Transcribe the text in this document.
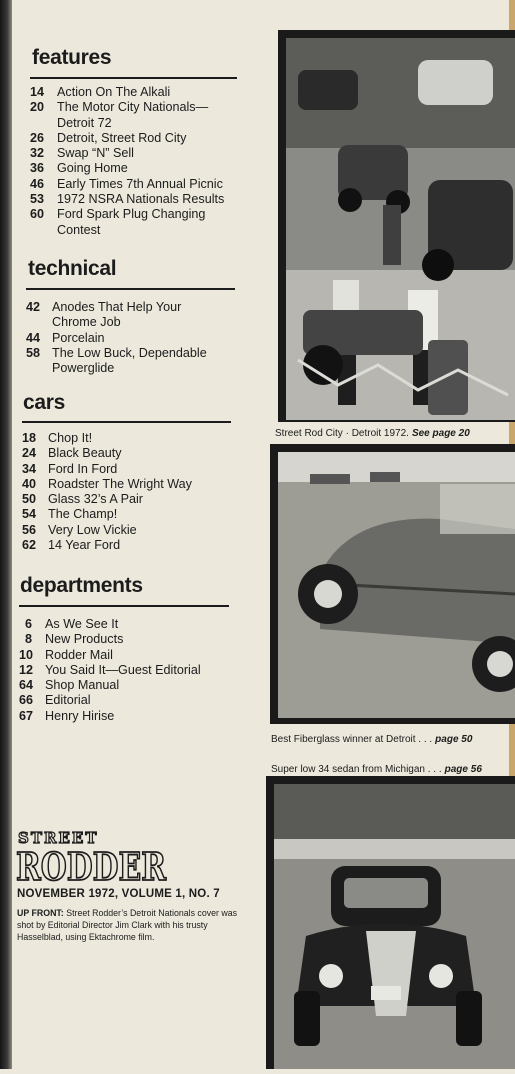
features
14	Action On The Alkali
20	The Motor City Nationals— Detroit 72
26	Detroit, Street Rod City
32	Swap “N” Sell
36	Going Home
46	Early Times 7th Annual Picnic
53	1972 NSRA Nationals Results
60	Ford Spark Plug Changing Contest
technical
42 Anodes That Help Your Chrome Job
44 Porcelain
58 The Low Buck, Dependable Powerglide
cars
18 Chop It!
24 Black Beauty
34 Ford In Ford
40 Roadster The Wright Way
50 Glass 32’s A Pair
54 The Champ!
56 Very Low Vickie
62 14 Year Ford
departments
6	As We See It
8	New Products
10 Rodder Mail
12 You Said It—Guest Editorial
64 Shop Manual
66 Editorial
67 Henry Hirise
STREET
RODDER
NOVEMBER 1972, VOLUME 1, NO. 7
UP FRONT: Street Rodder’s Detroit Nationals cover was shot by Editorial Director Jim Clark with his trusty Hasselblad, using Ektachrome film.
Street Rod City · Detroit 1972. See page 20
Best Fiberglass winner at Detroit . . . page 50
Super low 34 sedan from Michigan . . . page 56
